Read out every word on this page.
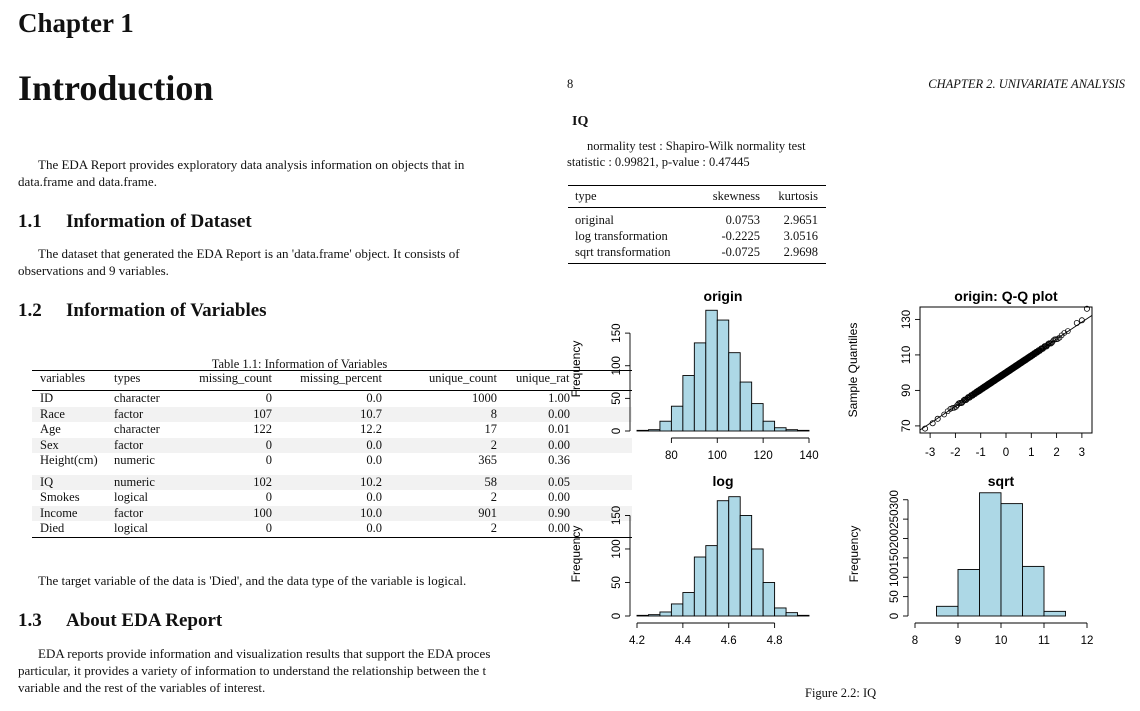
Chapter 1
Introduction
The EDA Report provides exploratory data analysis information on objects that in
data.frame and data.frame.
1.1 Information of Dataset
The dataset that generated the EDA Report is an 'data.frame' object. It consists of
observations and 9 variables.
1.2 Information of Variables
Table 1.1: Information of Variables
variables	types	missing_count	missing_percent	unique_count	unique_rat
ID	character	0	0.0	1000	1.00
Race	factor	107	10.7	8	0.00
Age	character	122	12.2	17	0.01
Sex	factor	0	0.0	2	0.00
Height(cm)	numeric	0	0.0	365	0.36
IQ	numeric	102	10.2	58	0.05
Smokes	logical	0	0.0	2	0.00
Income	factor	100	10.0	901	0.90
Died	logical	0	0.0	2	0.00
The target variable of the data is 'Died', and the data type of the variable is logical.
1.3 About EDA Report
EDA reports provide information and visualization results that support the EDA proces
particular, it provides a variety of information to understand the relationship between the t
variable and the rest of the variables of interest.
8	CHAPTER 2. UNIVARIATE ANALYSIS
IQ
normality test : Shapiro-Wilk normality test
statistic : 0.99821, p-value : 0.47445
type	skewness	kurtosis
original	0.0753	2.9651
log transformation	-0.2225	3.0516
sqrt transformation	-0.0725	2.9698
origin
0
50
100
150
80	100 120 140
Frequency
origin: Q-Q plot
70
90
110
130
-3 -2 -1 0 1 2 3
Sample Quantiles
log
0
50
100
150
4.2	4.4	4.6	4.8
Frequency
sqrt
0
50
100
150
200
250
300
8	9	10	11	12
Frequency
Figure 2.2: IQ
